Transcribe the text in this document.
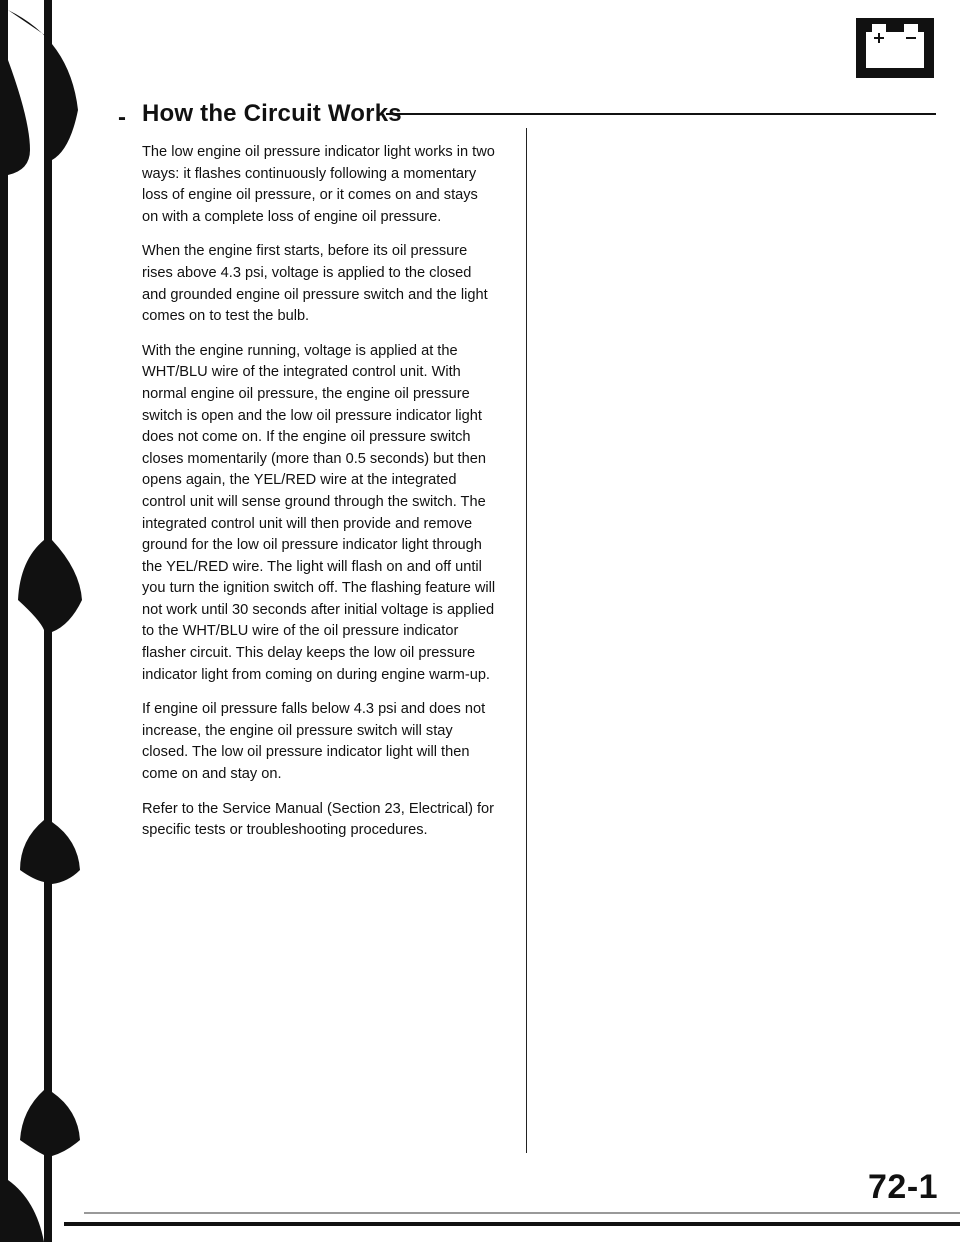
- How the Circuit Works

The low engine oil pressure indicator light works in two ways: it flashes continuously following a momentary loss of engine oil pressure, or it comes on and stays on with a complete loss of engine oil pressure.

When the engine first starts, before its oil pressure rises above 4.3 psi, voltage is applied to the closed and grounded engine oil pressure switch and the light comes on to test the bulb.

With the engine running, voltage is applied at the WHT/BLU wire of the integrated control unit. With normal engine oil pressure, the engine oil pressure switch is open and the low oil pressure indicator light does not come on. If the engine oil pressure switch closes momentarily (more than 0.5 seconds) but then opens again, the YEL/RED wire at the integrated control unit will sense ground through the switch. The integrated control unit will then provide and remove ground for the low oil pressure indicator light through the YEL/RED wire. The light will flash on and off until you turn the ignition switch off. The flashing feature will not work until 30 seconds after initial voltage is applied to the WHT/BLU wire of the oil pressure indicator flasher circuit. This delay keeps the low oil pressure indicator light from coming on during engine warm-up.

If engine oil pressure falls below 4.3 psi and does not increase, the engine oil pressure switch will stay closed. The low oil pressure indicator light will then come on and stay on.

Refer to the Service Manual (Section 23, Electrical) for specific tests or troubleshooting procedures.

72-1
